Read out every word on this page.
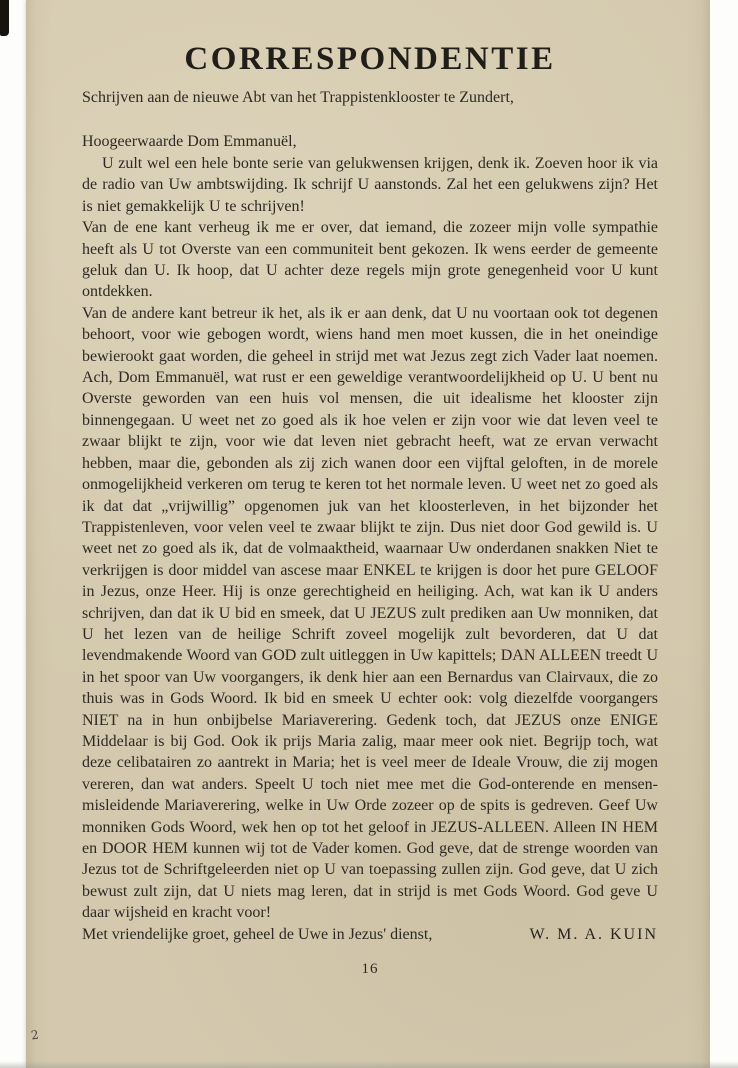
CORRESPONDENTIE
Schrijven aan de nieuwe Abt van het Trappistenklooster te Zundert,
Hoogeerwaarde Dom Emmanuël,

U zult wel een hele bonte serie van gelukwensen krijgen, denk ik. Zoeven hoor ik via de radio van Uw ambtswijding. Ik schrijf U aanstonds. Zal het een gelukwens zijn? Het is niet gemakkelijk U te schrijven!

Van de ene kant verheug ik me er over, dat iemand, die zozeer mijn volle sympathie heeft als U tot Overste van een communiteit bent gekozen. Ik wens eerder de gemeente geluk dan U. Ik hoop, dat U achter deze regels mijn grote genegenheid voor U kunt ontdekken.

Van de andere kant betreur ik het, als ik er aan denk, dat U nu voortaan ook tot degenen behoort, voor wie gebogen wordt, wiens hand men moet kussen, die in het oneindige bewierookt gaat worden, die geheel in strijd met wat Jezus zegt zich Vader laat noemen. Ach, Dom Emmanuël, wat rust er een geweldige verantwoordelijkheid op U. U bent nu Overste geworden van een huis vol mensen, die uit idealisme het klooster zijn binnengegaan. U weet net zo goed als ik hoe velen er zijn voor wie dat leven veel te zwaar blijkt te zijn, voor wie dat leven niet gebracht heeft, wat ze ervan verwacht hebben, maar die, gebonden als zij zich wanen door een vijftal geloften, in de morele onmogelijkheid verkeren om terug te keren tot het normale leven. U weet net zo goed als ik dat dat „vrijwillig” opgenomen juk van het kloosterleven, in het bijzonder het Trappistenleven, voor velen veel te zwaar blijkt te zijn. Dus niet door God gewild is. U weet net zo goed als ik, dat de volmaaktheid, waarnaar Uw onderdanen snakken Niet te verkrijgen is door middel van ascese maar ENKEL te krijgen is door het pure GELOOF in Jezus, onze Heer. Hij is onze gerechtigheid en heiliging. Ach, wat kan ik U anders schrijven, dan dat ik U bid en smeek, dat U JEZUS zult prediken aan Uw monniken, dat U het lezen van de heilige Schrift zoveel mogelijk zult bevorderen, dat U dat levendmakende Woord van GOD zult uitleggen in Uw kapittels; DAN ALLEEN treedt U in het spoor van Uw voorgangers, ik denk hier aan een Bernardus van Clairvaux, die zo thuis was in Gods Woord. Ik bid en smeek U echter ook: volg diezelfde voorgangers NIET na in hun onbijbelse Mariaverering. Gedenk toch, dat JEZUS onze ENIGE Middelaar is bij God. Ook ik prijs Maria zalig, maar meer ook niet. Begrijp toch, wat deze celibatairen zo aantrekt in Maria; het is veel meer de Ideale Vrouw, die zij mogen vereren, dan wat anders. Speelt U toch niet mee met die God-onterende en mensen-misleidende Mariaverering, welke in Uw Orde zozeer op de spits is gedreven. Geef Uw monniken Gods Woord, wek hen op tot het geloof in JEZUS-ALLEEN. Alleen IN HEM en DOOR HEM kunnen wij tot de Vader komen. God geve, dat de strenge woorden van Jezus tot de Schriftgeleerden niet op U van toepassing zullen zijn. God geve, dat U zich bewust zult zijn, dat U niets mag leren, dat in strijd is met Gods Woord. God geve U daar wijsheid en kracht voor!

Met vriendelijke groet, geheel de Uwe in Jezus' dienst,	W. M. A. KUIN
16
2
